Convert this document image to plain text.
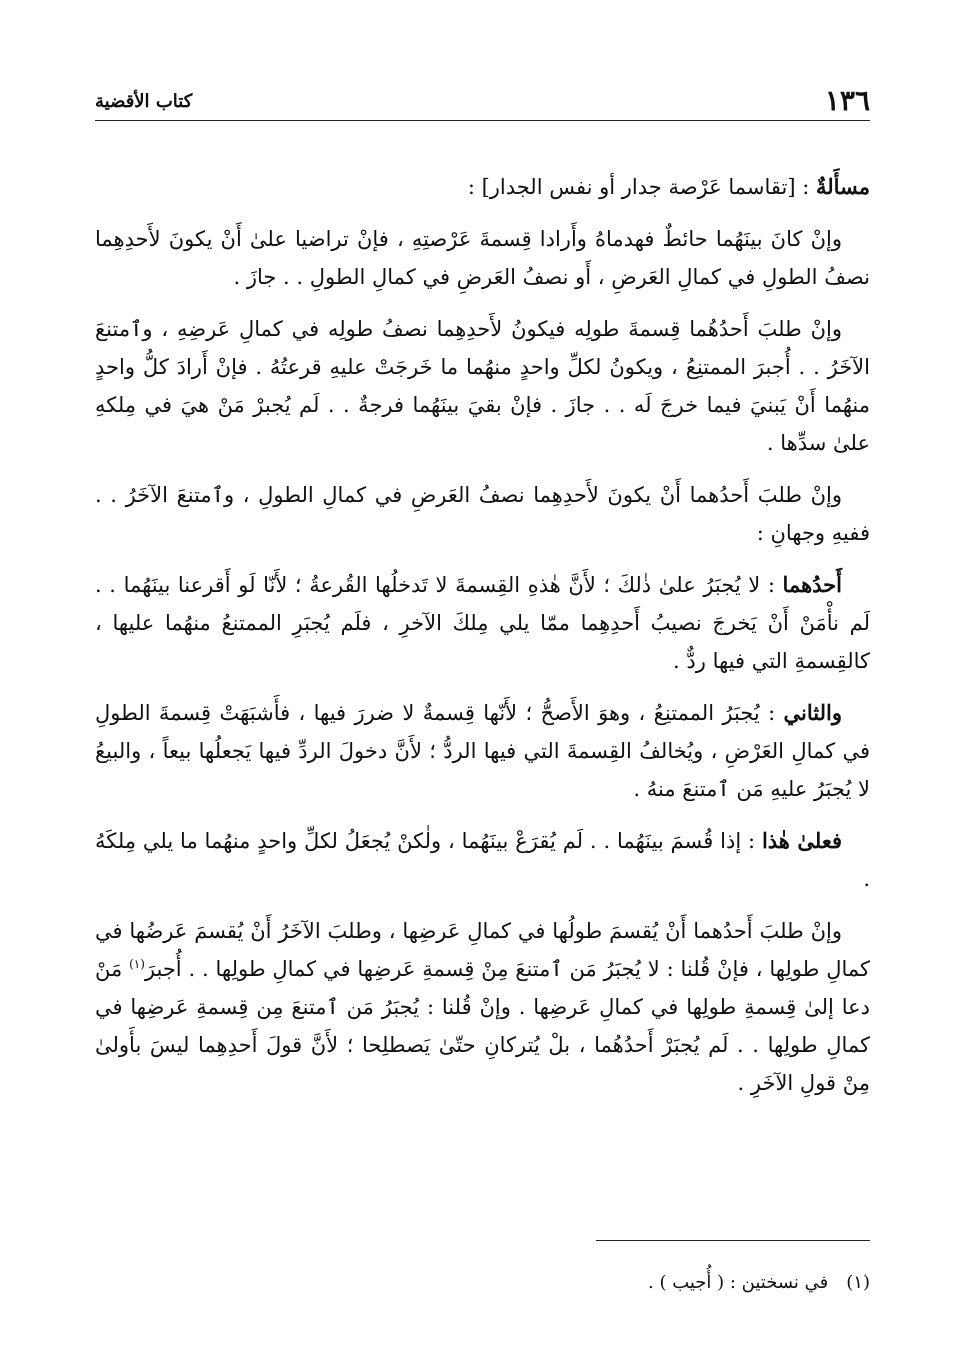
١٣٦
كتاب الأقضية

مسأَلةٌ : [تقاسما عَرْصة جدار أو نفس الجدار] :

وإنْ كانَ بينَهُما حائطٌ فهدماهُ وأَرادا قِسمةَ عَرْصتِهِ ، فإنْ تراضيا علىٰ أَنْ يكونَ لأَحدِهِما نصفُ الطولِ في كمالِ العَرضِ ، أَو نصفُ العَرضِ في كمالِ الطولِ . . جازَ .

وإنْ طلبَ أَحدُهُما قِسمةَ طولِه فيكونُ لأَحدِهِما نصفُ طولِه في كمالِ عَرضِهِ ، وٱمتنعَ الآخَرُ . . أُجبرَ الممتنِعُ ، ويكونُ لكلِّ واحدٍ منهُما ما خَرجَتْ عليهِ قرعتُهُ . فإنْ أَرادَ كلُّ واحدٍ منهُما أَنْ يَبنيَ فيما خرجَ لَه . . جازَ . فإنْ بقيَ بينَهُما فرجةٌ . . لَم يُجبرْ مَنْ هيَ في مِلكهِ علىٰ سدِّها .

وإنْ طلبَ أَحدُهما أَنْ يكونَ لأَحدِهِما نصفُ العَرضِ في كمالِ الطولِ ، وٱمتنعَ الآخَرُ . . ففيهِ وجهانِ :

أَحدُهما : لا يُجبَرُ علىٰ ذٰلكَ ؛ لأَنَّ هٰذهِ القِسمةَ لا تَدخلُها القُرعةُ ؛ لأَنّا لَو أَقرعنا بينَهُما . . لَم نأْمَنْ أَنْ يَخرجَ نصيبُ أَحدِهِما ممّا يلي مِلكَ الآخرِ ، فلَم يُجبَرِ الممتنعُ منهُما عليها ، كالقِسمةِ التي فيها ردٌّ .

والثاني : يُجبَرُ الممتنِعُ ، وهوَ الأَصحُّ ؛ لأَنّها قِسمةٌ لا ضررَ فيها ، فأَشبَهَتْ قِسمةَ الطولِ في كمالِ العَرْضِ ، ويُخالفُ القِسمةَ التي فيها الردُّ ؛ لأَنَّ دخولَ الردِّ فيها يَجعلُها بيعاً ، والبيعُ لا يُجبَرُ عليهِ مَن ٱمتنعَ منهُ .

فعلىٰ هٰذا : إذا قُسمَ بينَهُما . . لَم يُقرَعْ بينَهُما ، ولٰكنْ يُجعَلُ لكلِّ واحدٍ منهُما ما يلي مِلكَهُ .

وإنْ طلبَ أَحدُهما أَنْ يُقسمَ طولُها في كمالِ عَرضِها ، وطلبَ الآخَرُ أَنْ يُقسمَ عَرضُها في كمالِ طولِها ، فإنْ قُلنا : لا يُجبَرُ مَن ٱمتنعَ مِنْ قِسمةِ عَرضِها في كمالِ طولِها . . أُجبرَ$^{(١)}$ مَنْ دعا إلىٰ قِسمةِ طولِها في كمالِ عَرضِها . وإنْ قُلنا : يُجبَرُ مَن ٱمتنعَ مِن قِسمةِ عَرضِها في كمالِ طولِها . . لَم يُجبَرْ أَحدُهُما ، بلْ يُتركانِ حتّىٰ يَصطلِحا ؛ لأَنَّ قولَ أَحدِهِما ليسَ بأَولىٰ مِنْ قولِ الآخَرِ .

(١)في نسختين : ( أُجيب ) .
